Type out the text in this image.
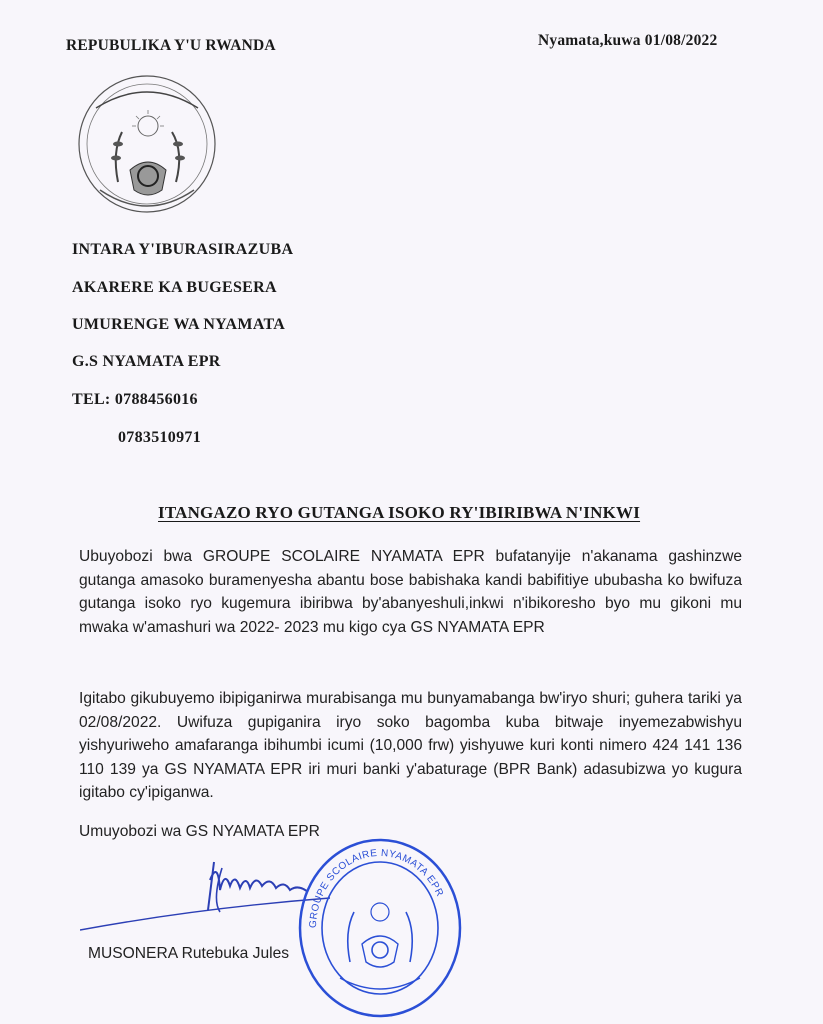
REPUBULIKA Y'U RWANDA	Nyamata,kuwa 01/08/2022
INTARA Y'IBURASIRAZUBA
AKARERE KA BUGESERA
UMURENGE WA NYAMATA
G.S NYAMATA EPR
TEL: 0788456016
0783510971
ITANGAZO RYO GUTANGA ISOKO RY'IBIRIBWA N'INKWI
Ubuyobozi bwa GROUPE SCOLAIRE NYAMATA EPR bufatanyije n'akanama gashinzwe gutanga amasoko buramenyesha abantu bose babishaka kandi babifitiye ububasha ko bwifuza gutanga isoko ryo kugemura ibiribwa by'abanyeshuli,inkwi n'ibikoresho byo mu gikoni mu mwaka w'amashuri wa 2022- 2023 mu kigo cya GS NYAMATA EPR
Igitabo gikubuyemo ibipiganirwa murabisanga mu bunyamabanga bw'iryo shuri; guhera tariki ya 02/08/2022. Uwifuza gupiganira iryo soko bagomba kuba bitwaje inyemezabwishyu yishyuriweho amafaranga ibihumbi icumi (10,000 frw) yishyuwe kuri konti nimero 424 141 136 110 139 ya GS NYAMATA EPR iri muri banki y'abaturage (BPR Bank) adasubizwa yo kugura igitabo cy'ipiganwa.
Umuyobozi wa GS NYAMATA EPR
MUSONERA Rutebuka Jules
GROUPE SCOLAIRE NYAMATA EPR
